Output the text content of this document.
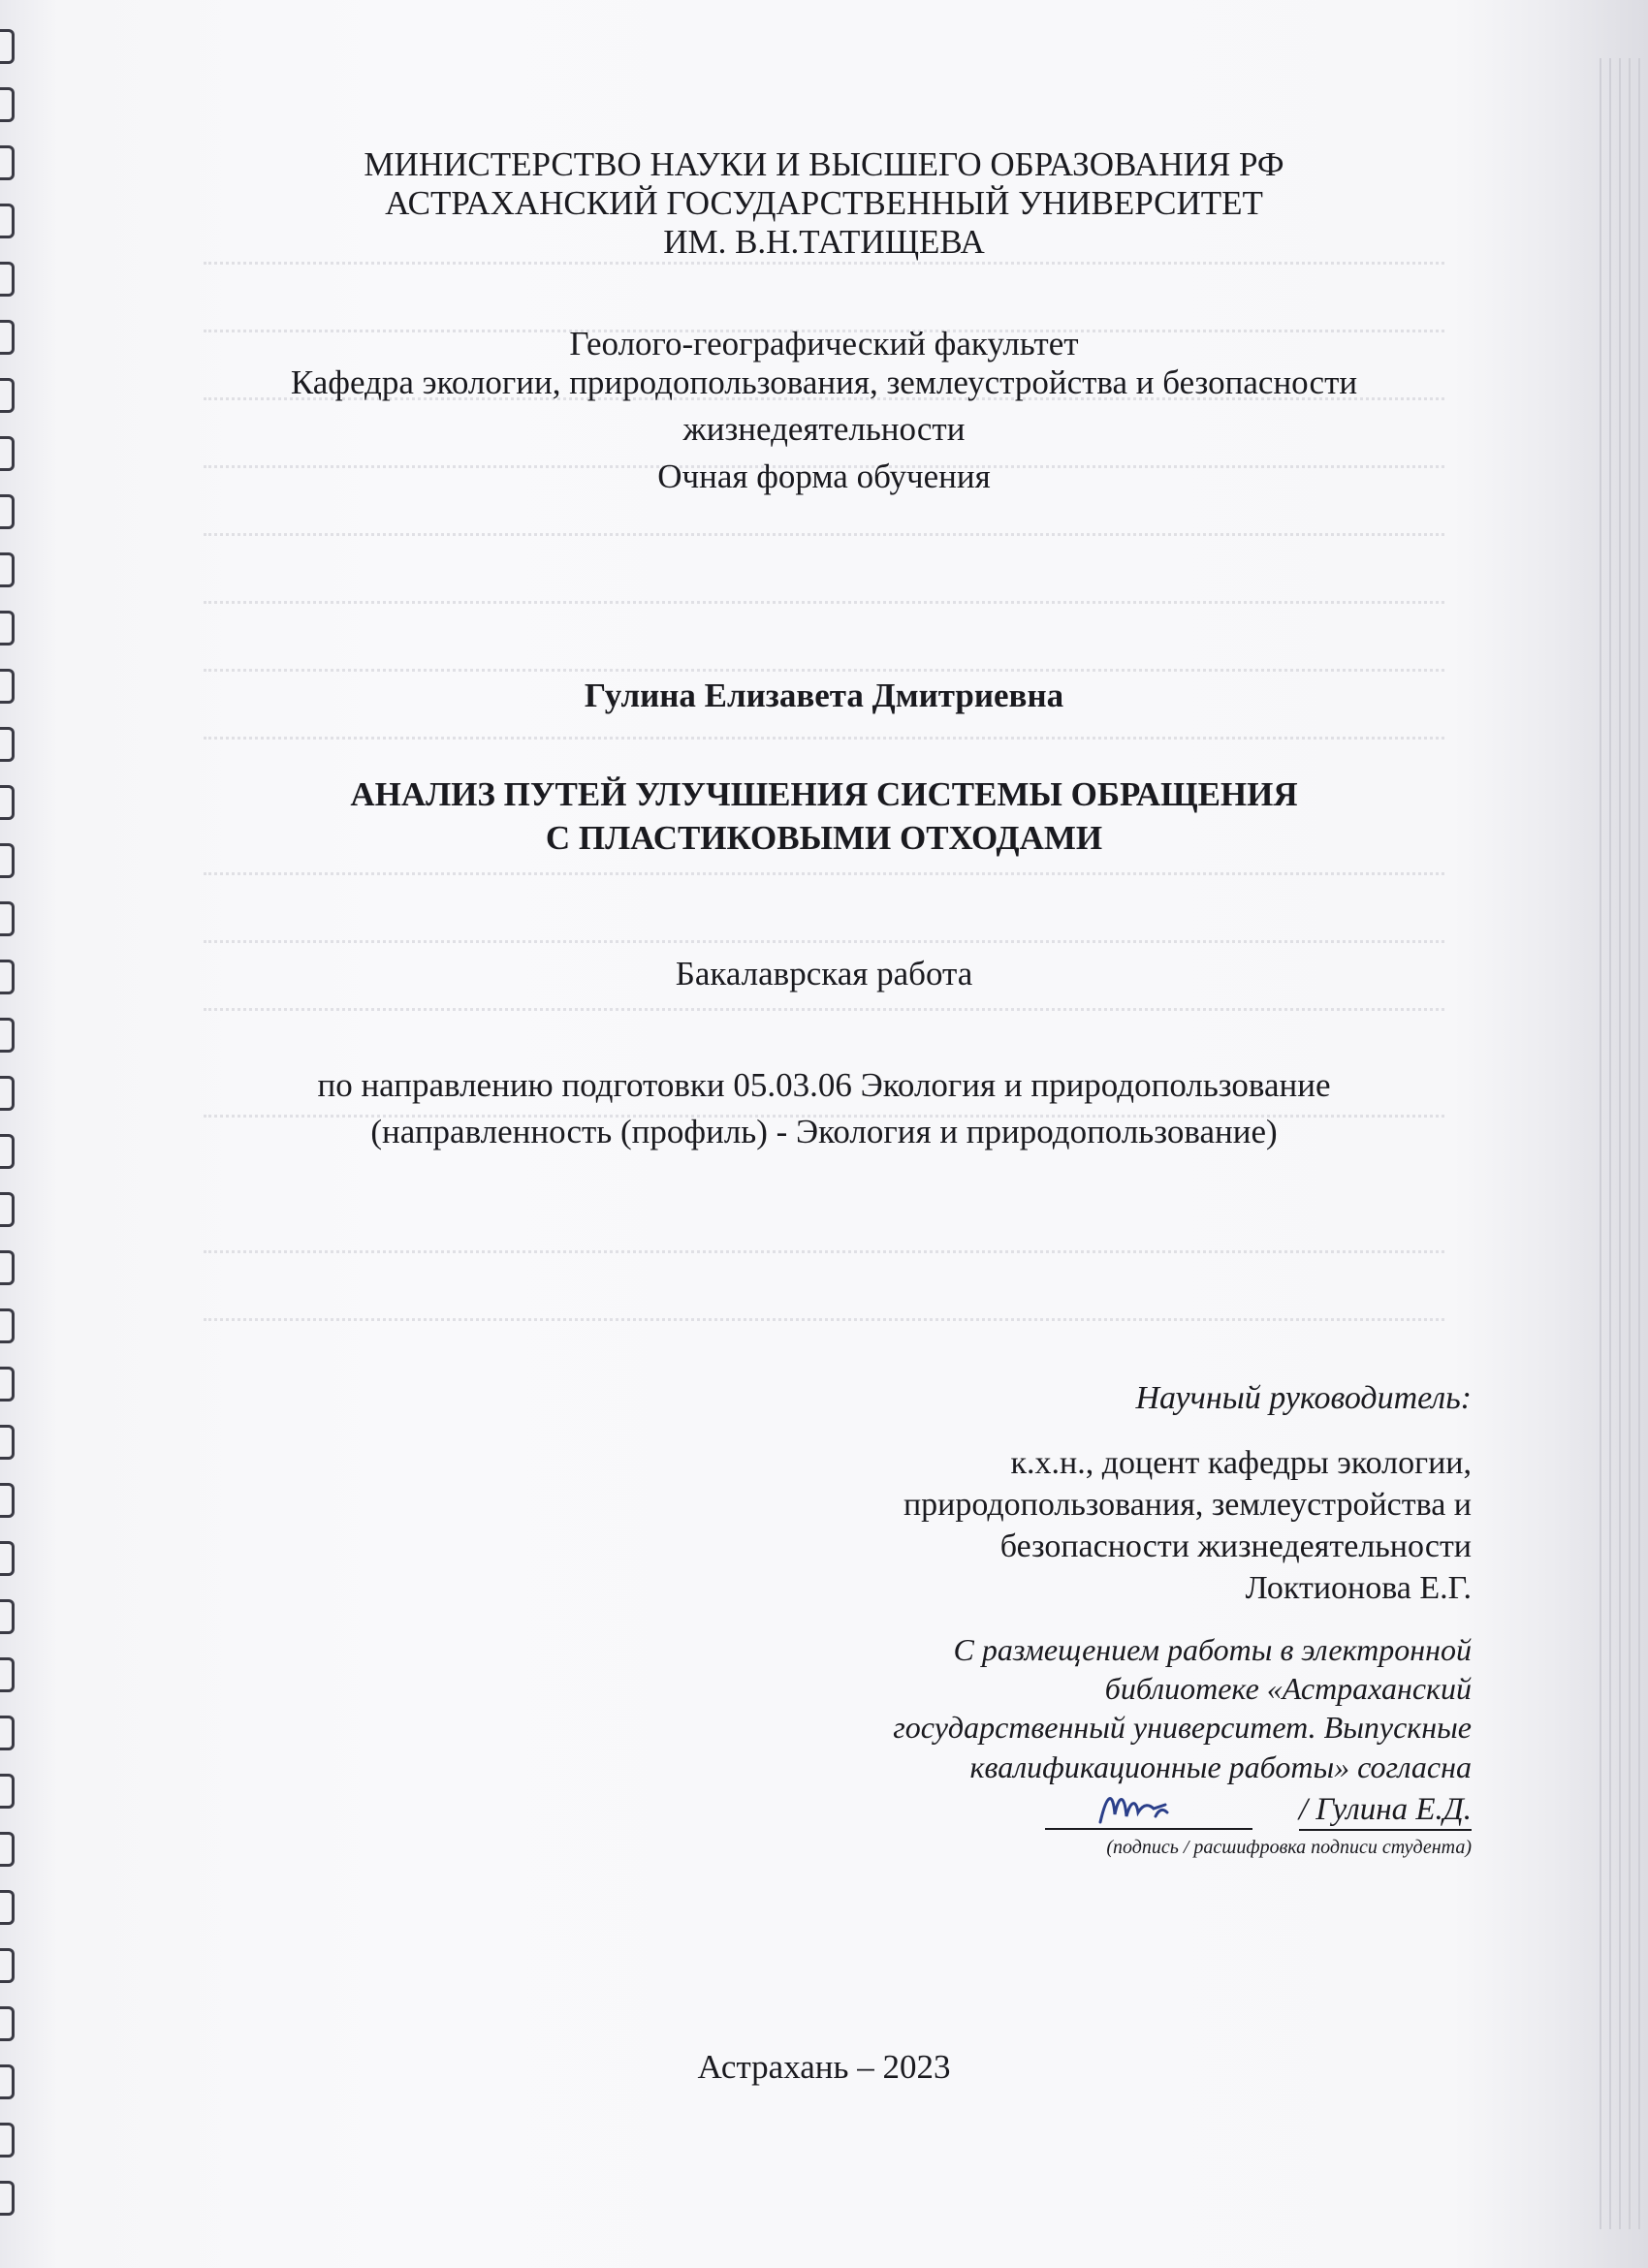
МИНИСТЕРСТВО НАУКИ И ВЫСШЕГО ОБРАЗОВАНИЯ РФ
АСТРАХАНСКИЙ ГОСУДАРСТВЕННЫЙ УНИВЕРСИТЕТ
ИМ. В.Н.ТАТИЩЕВА
Геолого-географический факультет
Кафедра экологии, природопользования, землеустройства и безопасности
жизнедеятельности
Очная форма обучения
Гулина Елизавета Дмитриевна
АНАЛИЗ ПУТЕЙ УЛУЧШЕНИЯ СИСТЕМЫ ОБРАЩЕНИЯ
С ПЛАСТИКОВЫМИ ОТХОДАМИ
Бакалаврская работа
по направлению подготовки 05.03.06 Экология и природопользование
(направленность (профиль) - Экология и природопользование)
Научный руководитель:
к.х.н., доцент кафедры экологии,
природопользования, землеустройства и
безопасности жизнедеятельности
Локтионова Е.Г.
С размещением работы в электронной
библиотеке «Астраханский
государственный университет. Выпускные
квалификационные работы» согласна
/ Гулина Е.Д.
(подпись / расшифровка подписи студента)
Астрахань – 2023
